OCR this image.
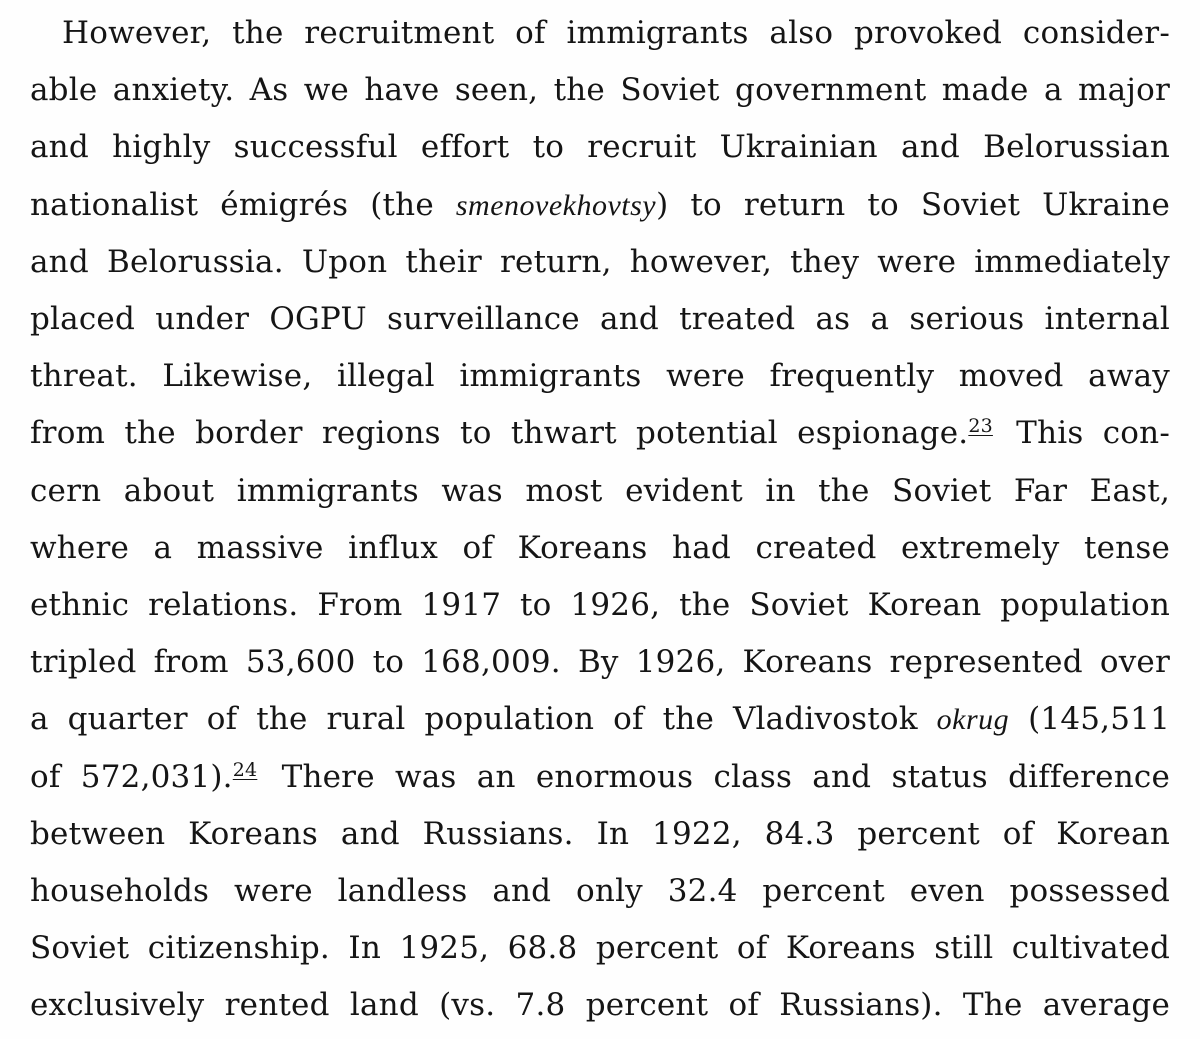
However, the recruitment of immigrants also provoked consider-
able anxiety. As we have seen, the Soviet government made a major
and highly successful effort to recruit Ukrainian and Belorussian
nationalist émigrés (the smenovekhovtsy) to return to Soviet Ukraine
and Belorussia. Upon their return, however, they were immediately
placed under OGPU surveillance and treated as a serious internal
threat. Likewise, illegal immigrants were frequently moved away
from the border regions to thwart potential espionage.$^{23}$ This con-
cern about immigrants was most evident in the Soviet Far East,
where a massive influx of Koreans had created extremely tense
ethnic relations. From 1917 to 1926, the Soviet Korean population
tripled from 53,600 to 168,009. By 1926, Koreans represented over
a quarter of the rural population of the Vladivostok okrug (145,511
of 572,031).$^{24}$ There was an enormous class and status difference
between Koreans and Russians. In 1922, 84.3 percent of Korean
households were landless and only 32.4 percent even possessed
Soviet citizenship. In 1925, 68.8 percent of Koreans still cultivated
exclusively rented land (vs. 7.8 percent of Russians). The average
